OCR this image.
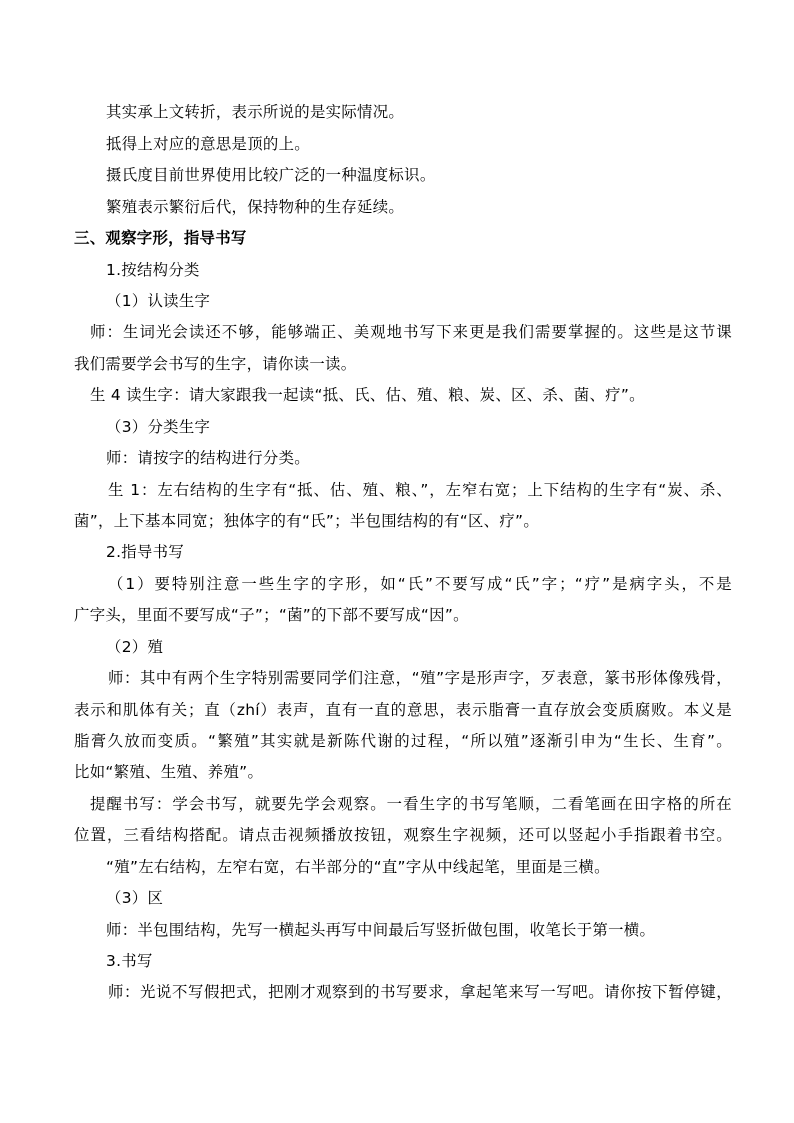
其实承上文转折，表示所说的是实际情况。
抵得上对应的意思是顶的上。
摄氏度目前世界使用比较广泛的一种温度标识。
繁殖表示繁衍后代，保持物种的生存延续。
三、观察字形，指导书写
1.按结构分类
（1）认读生字
师：生词光会读还不够，能够端正、美观地书写下来更是我们需要掌握的。这些是这节课
我们需要学会书写的生字，请你读一读。
生 4 读生字：请大家跟我一起读“抵、氏、估、殖、粮、炭、区、杀、菌、疗”。
（3）分类生字
师：请按字的结构进行分类。
生 1：左右结构的生字有“抵、估、殖、粮、”，左窄右宽；上下结构的生字有“炭、杀、
菌”，上下基本同宽；独体字的有“氏”；半包围结构的有“区、疗”。
2.指导书写
（1）要特别注意一些生字的字形，如“氏”不要写成“氏”字；“疗”是病字头，不是
广字头，里面不要写成“子”；“菌”的下部不要写成“因”。
（2）殖
师：其中有两个生字特别需要同学们注意，“殖”字是形声字，歹表意，篆书形体像残骨，
表示和肌体有关；直（zhí）表声，直有一直的意思，表示脂膏一直存放会变质腐败。本义是
脂膏久放而变质。“繁殖”其实就是新陈代谢的过程，“所以殖”逐渐引申为“生长、生育”。
比如“繁殖、生殖、养殖”。
提醒书写：学会书写，就要先学会观察。一看生字的书写笔顺，二看笔画在田字格的所在
位置，三看结构搭配。请点击视频播放按钮，观察生字视频，还可以竖起小手指跟着书空。
“殖”左右结构，左窄右宽，右半部分的“直”字从中线起笔，里面是三横。
（3）区
师：半包围结构，先写一横起头再写中间最后写竖折做包围，收笔长于第一横。
3.书写
师：光说不写假把式，把刚才观察到的书写要求，拿起笔来写一写吧。请你按下暂停键，
